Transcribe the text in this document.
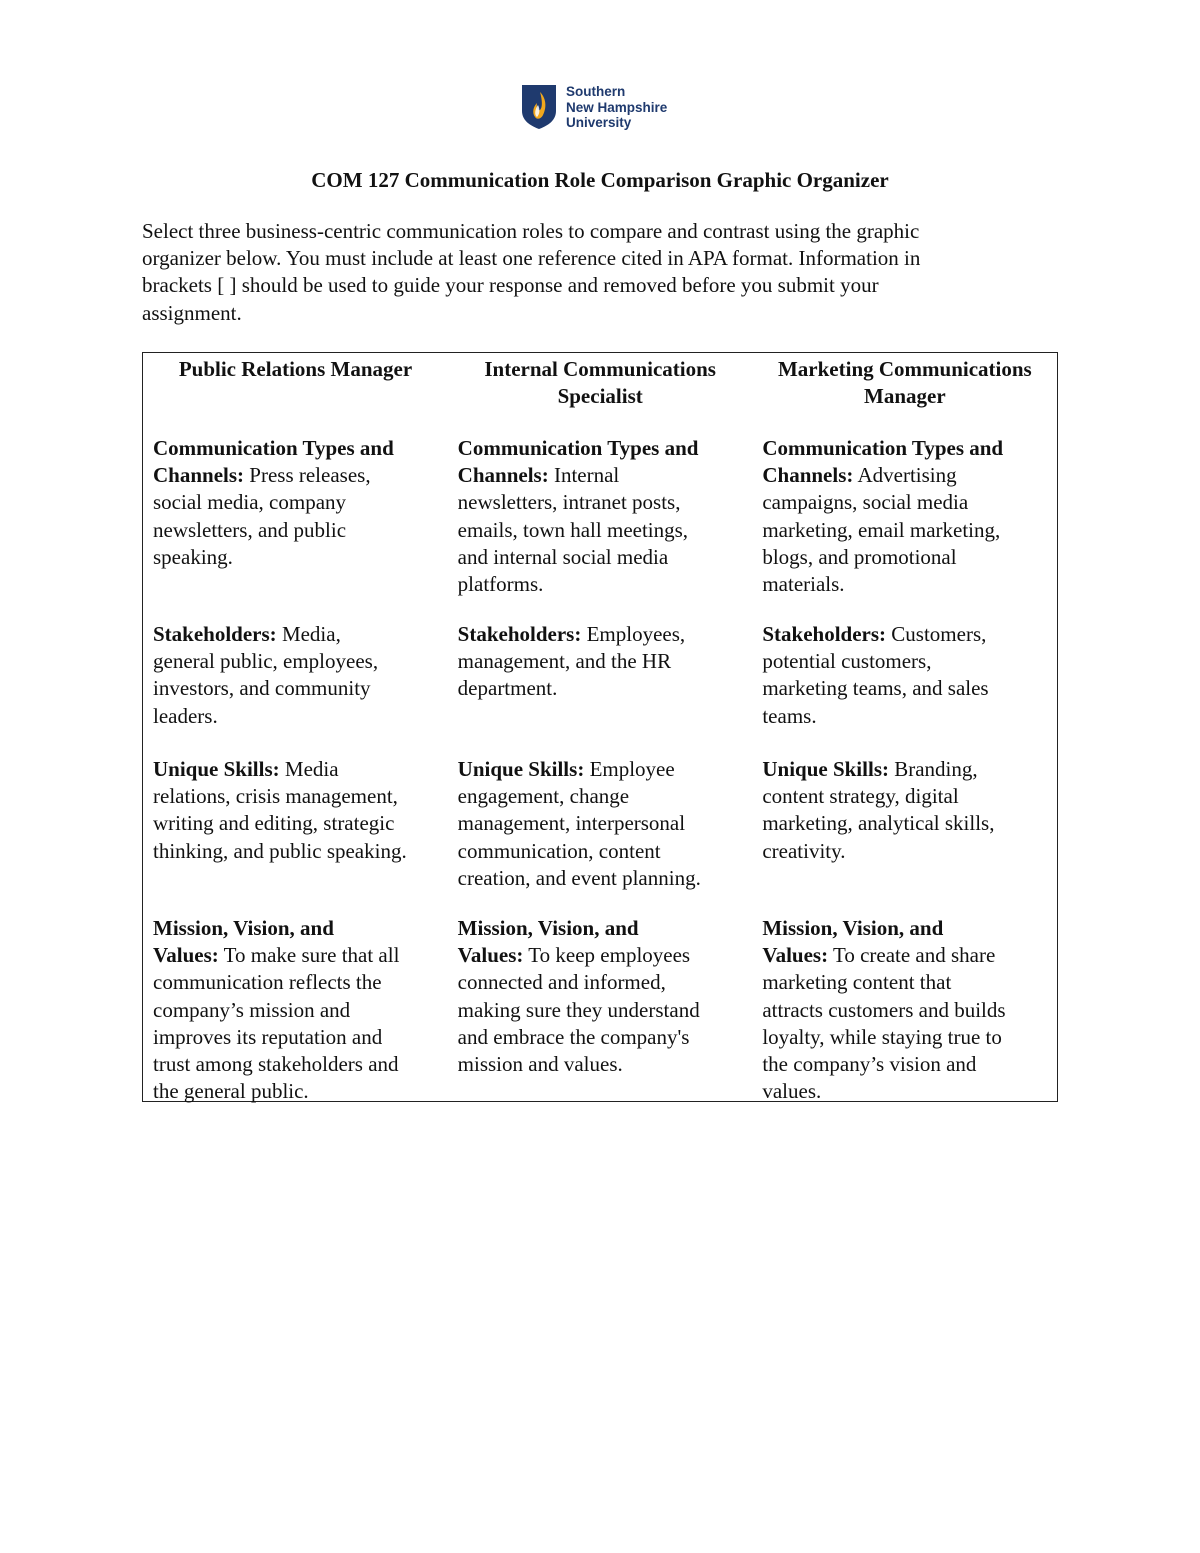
Southern
New Hampshire
University
COM 127 Communication Role Comparison Graphic Organizer

Select three business-centric communication roles to compare and contrast using the graphic
organizer below. You must include at least one reference cited in APA format. Information in
brackets [ ] should be used to guide your response and removed before you submit your
assignment.

Public Relations Manager

Communication Types and
Channels: Press releases,
social media, company
newsletters, and public
speaking.

Stakeholders: Media,
general public, employees,
investors, and community
leaders.

Unique Skills: Media
relations, crisis management,
writing and editing, strategic
thinking, and public speaking.

Mission, Vision, and
Values: To make sure that all
communication reflects the
company’s mission and
improves its reputation and
trust among stakeholders and
the general public.

Internal Communications
Specialist

Communication Types and
Channels: Internal
newsletters, intranet posts,
emails, town hall meetings,
and internal social media
platforms.

Stakeholders: Employees,
management, and the HR
department.

Unique Skills: Employee
engagement, change
management, interpersonal
communication, content
creation, and event planning.

Mission, Vision, and
Values: To keep employees
connected and informed,
making sure they understand
and embrace the company's
mission and values.

Marketing Communications
Manager

Communication Types and
Channels: Advertising
campaigns, social media
marketing, email marketing,
blogs, and promotional
materials.

Stakeholders: Customers,
potential customers,
marketing teams, and sales
teams.

Unique Skills: Branding,
content strategy, digital
marketing, analytical skills,
creativity.

Mission, Vision, and
Values: To create and share
marketing content that
attracts customers and builds
loyalty, while staying true to
the company’s vision and
values.
